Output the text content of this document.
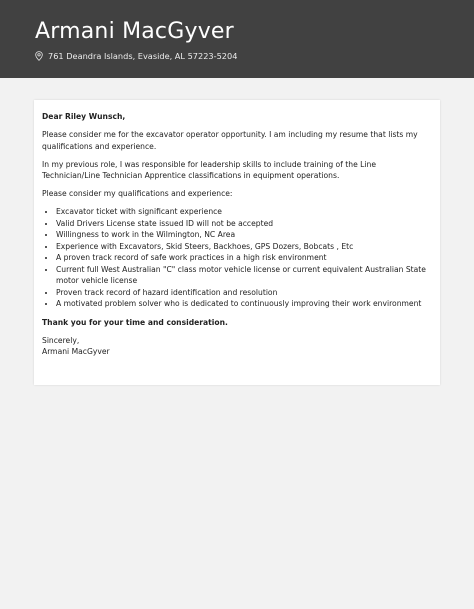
Armani MacGyver
761 Deandra Islands, Evaside, AL 57223-5204

Dear Riley Wunsch,

Please consider me for the excavator operator opportunity. I am including my resume that lists my qualifications and experience.

In my previous role, I was responsible for leadership skills to include training of the Line Technician/Line Technician Apprentice classifications in equipment operations.

Please consider my qualifications and experience:

• Excavator ticket with significant experience
• Valid Drivers License state issued ID will not be accepted
• Willingness to work in the Wilmington, NC Area
• Experience with Excavators, Skid Steers, Backhoes, GPS Dozers, Bobcats , Etc
• A proven track record of safe work practices in a high risk environment
• Current full West Australian "C" class motor vehicle license or current equivalent Australian State motor vehicle license
• Proven track record of hazard identification and resolution
• A motivated problem solver who is dedicated to continuously improving their work environment

Thank you for your time and consideration.

Sincerely,

Armani MacGyver
